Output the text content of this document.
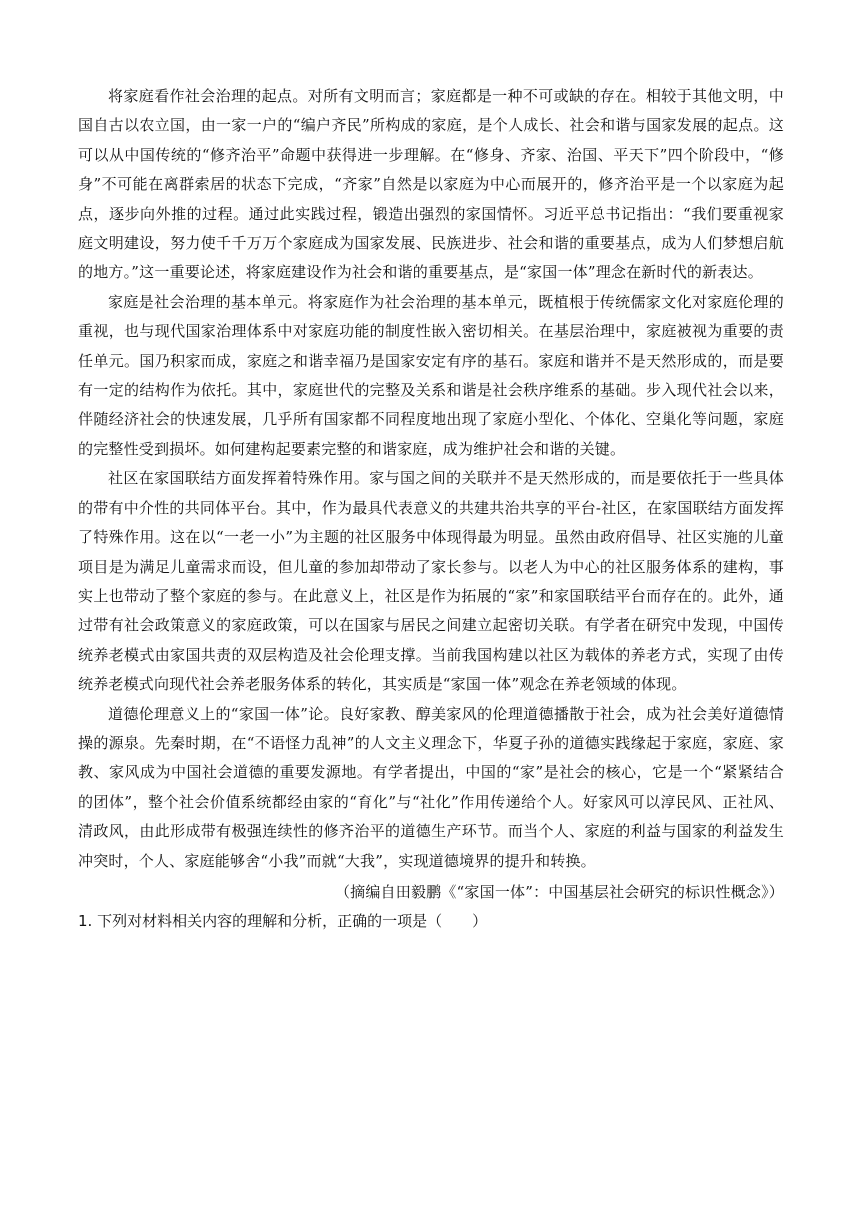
将家庭看作社会治理的起点。对所有文明而言；家庭都是一种不可或缺的存在。相较于其他文明，中国自古以农立国，由一家一户的“编户齐民”所构成的家庭，是个人成长、社会和谐与国家发展的起点。这可以从中国传统的“修齐治平”命题中获得进一步理解。在“修身、齐家、治国、平天下”四个阶段中，“修身”不可能在离群索居的状态下完成，“齐家”自然是以家庭为中心而展开的，修齐治平是一个以家庭为起点，逐步向外推的过程。通过此实践过程，锻造出强烈的家国情怀。习近平总书记指出：“我们要重视家庭文明建设，努力使千千万万个家庭成为国家发展、民族进步、社会和谐的重要基点，成为人们梦想启航的地方。”这一重要论述，将家庭建设作为社会和谐的重要基点，是“家国一体”理念在新时代的新表达。

家庭是社会治理的基本单元。将家庭作为社会治理的基本单元，既植根于传统儒家文化对家庭伦理的重视，也与现代国家治理体系中对家庭功能的制度性嵌入密切相关。在基层治理中，家庭被视为重要的责任单元。国乃积家而成，家庭之和谐幸福乃是国家安定有序的基石。家庭和谐并不是天然形成的，而是要有一定的结构作为依托。其中，家庭世代的完整及关系和谐是社会秩序维系的基础。步入现代社会以来，伴随经济社会的快速发展，几乎所有国家都不同程度地出现了家庭小型化、个体化、空巢化等问题，家庭的完整性受到损坏。如何建构起要素完整的和谐家庭，成为维护社会和谐的关键。

社区在家国联结方面发挥着特殊作用。家与国之间的关联并不是天然形成的，而是要依托于一些具体的带有中介性的共同体平台。其中，作为最具代表意义的共建共治共享的平台-社区，在家国联结方面发挥了特殊作用。这在以“一老一小”为主题的社区服务中体现得最为明显。虽然由政府倡导、社区实施的儿童项目是为满足儿童需求而设，但儿童的参加却带动了家长参与。以老人为中心的社区服务体系的建构，事实上也带动了整个家庭的参与。在此意义上，社区是作为拓展的“家”和家国联结平台而存在的。此外，通过带有社会政策意义的家庭政策，可以在国家与居民之间建立起密切关联。有学者在研究中发现，中国传统养老模式由家国共责的双层构造及社会伦理支撑。当前我国构建以社区为载体的养老方式，实现了由传统养老模式向现代社会养老服务体系的转化，其实质是“家国一体”观念在养老领域的体现。

道德伦理意义上的“家国一体”论。良好家教、醇美家风的伦理道德播散于社会，成为社会美好道德情操的源泉。先秦时期，在“不语怪力乱神”的人文主义理念下，华夏子孙的道德实践缘起于家庭，家庭、家教、家风成为中国社会道德的重要发源地。有学者提出，中国的“家”是社会的核心，它是一个“紧紧结合的团体”，整个社会价值系统都经由家的“育化”与“社化”作用传递给个人。好家风可以淳民风、正社风、清政风，由此形成带有极强连续性的修齐治平的道德生产环节。而当个人、家庭的利益与国家的利益发生冲突时，个人、家庭能够舍“小我”而就“大我”，实现道德境界的提升和转换。

（摘编自田毅鹏《“家国一体”：中国基层社会研究的标识性概念》）

1. 下列对材料相关内容的理解和分析，正确的一项是（　　）
